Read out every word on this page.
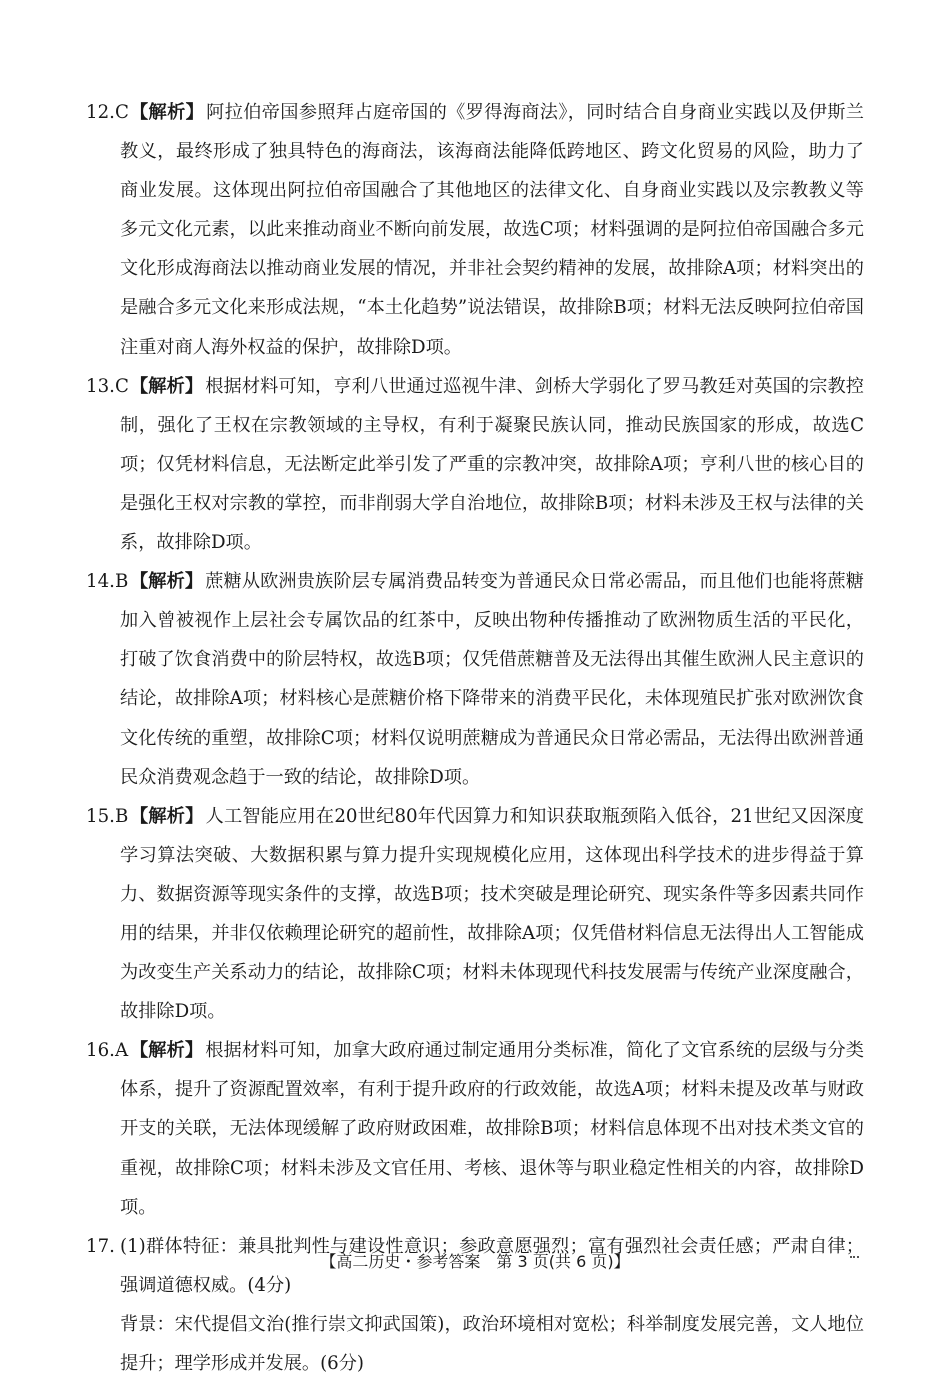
12.C 【解析】 阿拉伯帝国参照拜占庭帝国的《罗得海商法》，同时结合自身商业实践以及伊斯兰教义，最终形成了独具特色的海商法，该海商法能降低跨地区、跨文化贸易的风险，助力了商业发展。这体现出阿拉伯帝国融合了其他地区的法律文化、自身商业实践以及宗教教义等多元文化元素，以此来推动商业不断向前发展，故选C项；材料强调的是阿拉伯帝国融合多元文化形成海商法以推动商业发展的情况，并非社会契约精神的发展，故排除A项；材料突出的是融合多元文化来形成法规，“本土化趋势”说法错误，故排除B项；材料无法反映阿拉伯帝国注重对商人海外权益的保护，故排除D项。
13.C 【解析】 根据材料可知，亨利八世通过巡视牛津、剑桥大学弱化了罗马教廷对英国的宗教控制，强化了王权在宗教领域的主导权，有利于凝聚民族认同，推动民族国家的形成，故选C项；仅凭材料信息，无法断定此举引发了严重的宗教冲突，故排除A项；亨利八世的核心目的是强化王权对宗教的掌控，而非削弱大学自治地位，故排除B项；材料未涉及王权与法律的关系，故排除D项。
14.B 【解析】 蔗糖从欧洲贵族阶层专属消费品转变为普通民众日常必需品，而且他们也能将蔗糖加入曾被视作上层社会专属饮品的红茶中，反映出物种传播推动了欧洲物质生活的平民化，打破了饮食消费中的阶层特权，故选B项；仅凭借蔗糖普及无法得出其催生欧洲人民主意识的结论，故排除A项；材料核心是蔗糖价格下降带来的消费平民化，未体现殖民扩张对欧洲饮食文化传统的重塑，故排除C项；材料仅说明蔗糖成为普通民众日常必需品，无法得出欧洲普通民众消费观念趋于一致的结论，故排除D项。
15.B 【解析】 人工智能应用在20世纪80年代因算力和知识获取瓶颈陷入低谷，21世纪又因深度学习算法突破、大数据积累与算力提升实现规模化应用，这体现出科学技术的进步得益于算力、数据资源等现实条件的支撑，故选B项；技术突破是理论研究、现实条件等多因素共同作用的结果，并非仅依赖理论研究的超前性，故排除A项；仅凭借材料信息无法得出人工智能成为改变生产关系动力的结论，故排除C项；材料未体现现代科技发展需与传统产业深度融合，故排除D项。
16.A 【解析】 根据材料可知，加拿大政府通过制定通用分类标准，简化了文官系统的层级与分类体系，提升了资源配置效率，有利于提升政府的行政效能，故选A项；材料未提及改革与财政开支的关联，无法体现缓解了政府财政困难，故排除B项；材料信息体现不出对技术类文官的重视，故排除C项；材料未涉及文官任用、考核、退休等与职业稳定性相关的内容，故排除D项。
17. (1)群体特征：兼具批判性与建设性意识；参政意愿强烈；富有强烈社会责任感；严肃自律；强调道德权威。(4分)

背景：宋代提倡文治(推行崇文抑武国策)，政治环境相对宽松；科举制度发展完善，文人地位提升；理学形成并发展。(6分)

【高二历史・参考答案　第 3 页(共 6 页)】
